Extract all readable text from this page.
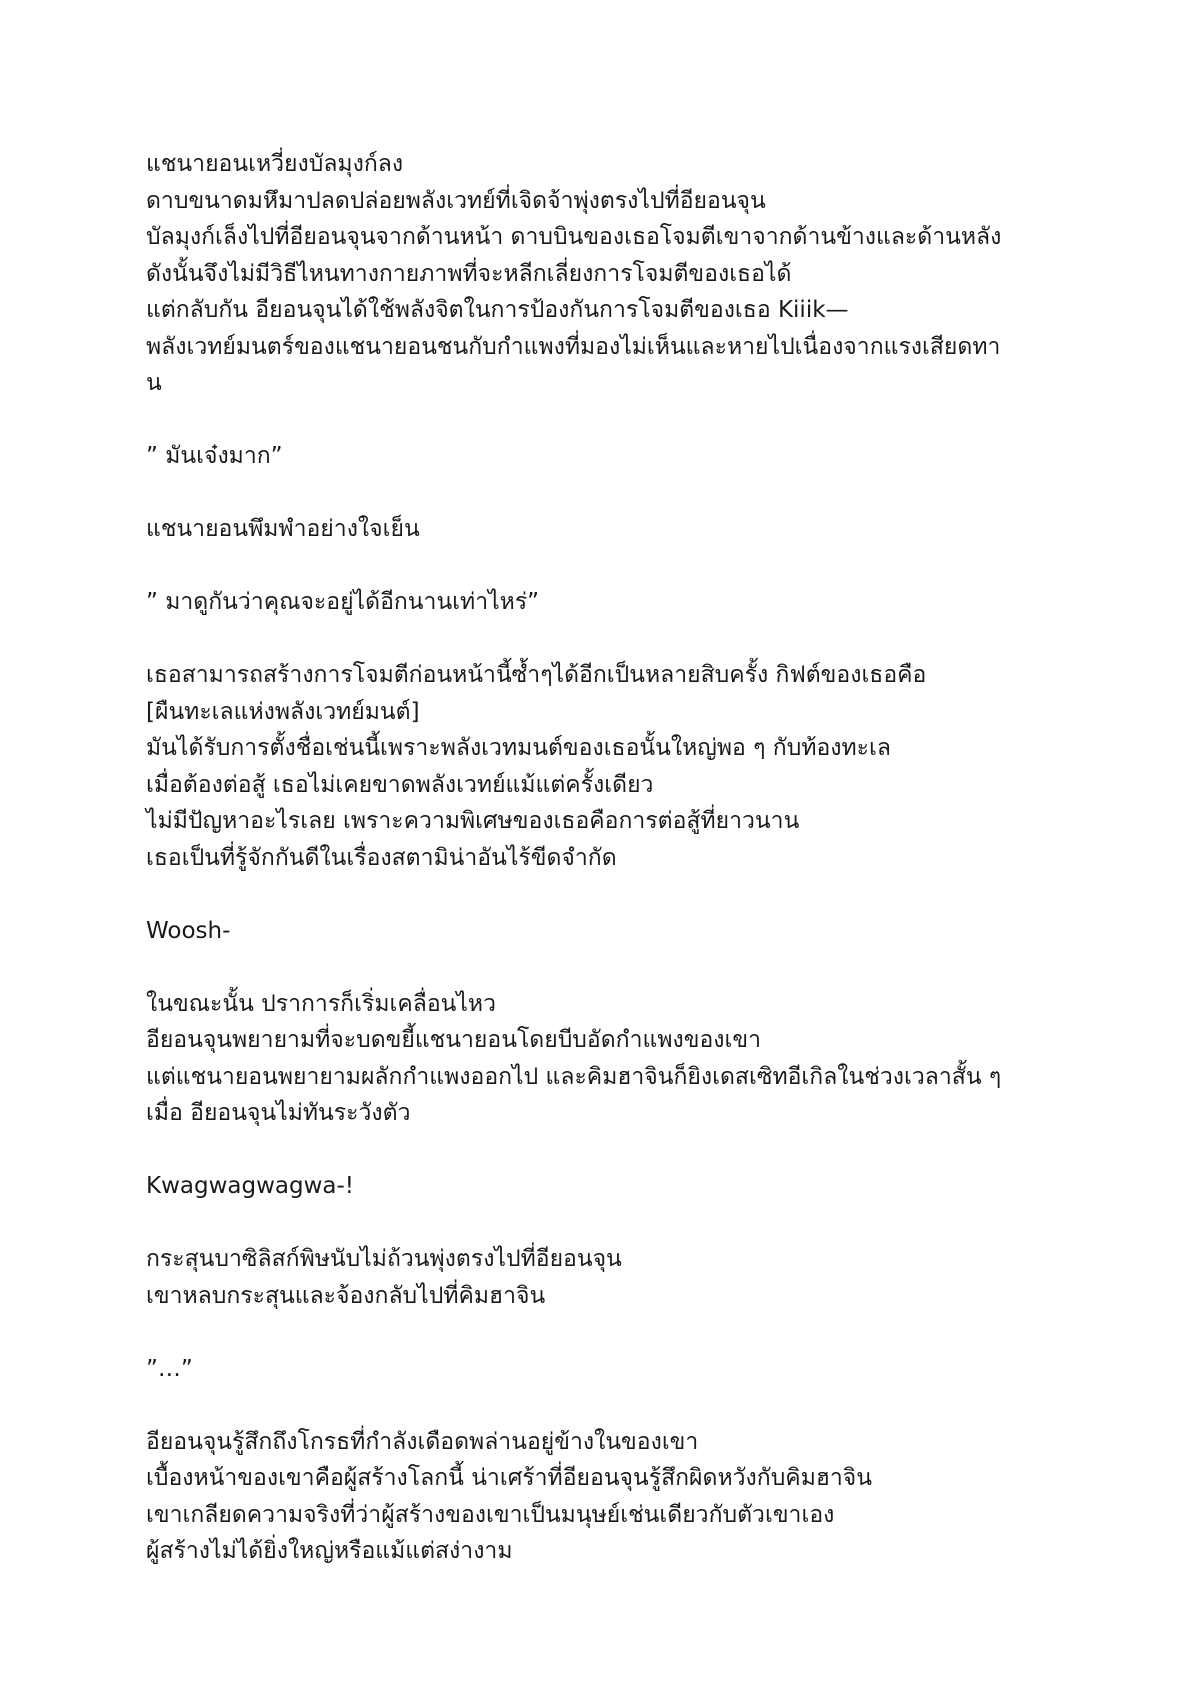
แชนายอนเหวี่ยงบัลมุงก์ลง
ดาบขนาดมหึมาปลดปล่อยพลังเวทย์ที่เจิดจ้าพุ่งตรงไปที่อียอนจุน
บัลมุงก์เล็งไปที่อียอนจุนจากด้านหน้า ดาบบินของเธอโจมตีเขาจากด้านข้างและด้านหลัง
ดังนั้นจึงไม่มีวิธีไหนทางกายภาพที่จะหลีกเลี่ยงการโจมตีของเธอได้
แต่กลับกัน อียอนจุนได้ใช้พลังจิตในการป้องกันการโจมตีของเธอ Kiiik—
พลังเวทย์มนตร์ของแชนายอนชนกับกำแพงที่มองไม่เห็นและหายไปเนื่องจากแรงเสียดทา
น
” มันเจ๋งมาก”
แชนายอนพึมพำอย่างใจเย็น
” มาดูกันว่าคุณจะอยู่ได้อีกนานเท่าไหร่”
เธอสามารถสร้างการโจมตีก่อนหน้านี้ซ้ำๆได้อีกเป็นหลายสิบครั้ง กิฟต์ของเธอคือ
[ผืนทะเลแห่งพลังเวทย์มนต์]
มันได้รับการตั้งชื่อเช่นนี้เพราะพลังเวทมนต์ของเธอนั้นใหญ่พอ ๆ กับท้องทะเล
เมื่อต้องต่อสู้ เธอไม่เคยขาดพลังเวทย์แม้แต่ครั้งเดียว
ไม่มีปัญหาอะไรเลย เพราะความพิเศษของเธอคือการต่อสู้ที่ยาวนาน
เธอเป็นที่รู้จักกันดีในเรื่องสตามิน่าอันไร้ขีดจำกัด
Woosh-
ในขณะนั้น ปราการก็เริ่มเคลื่อนไหว
อียอนจุนพยายามที่จะบดขยี้แชนายอนโดยบีบอัดกำแพงของเขา
แต่แชนายอนพยายามผลักกำแพงออกไป และคิมฮาจินก็ยิงเดสเซิทอีเกิลในช่วงเวลาสั้น ๆ
เมื่อ อียอนจุนไม่ทันระวังตัว
Kwagwagwagwa-!
กระสุนบาซิลิสก์พิษนับไม่ถ้วนพุ่งตรงไปที่อียอนจุน
เขาหลบกระสุนและจ้องกลับไปที่คิมฮาจิน
”…”
อียอนจุนรู้สึกถึงโกรธที่กำลังเดือดพล่านอยู่ข้างในของเขา
เบื้องหน้าของเขาคือผู้สร้างโลกนี้ น่าเศร้าที่อียอนจุนรู้สึกผิดหวังกับคิมฮาจิน
เขาเกลียดความจริงที่ว่าผู้สร้างของเขาเป็นมนุษย์เช่นเดียวกับตัวเขาเอง
ผู้สร้างไม่ได้ยิ่งใหญ่หรือแม้แต่สง่างาม
